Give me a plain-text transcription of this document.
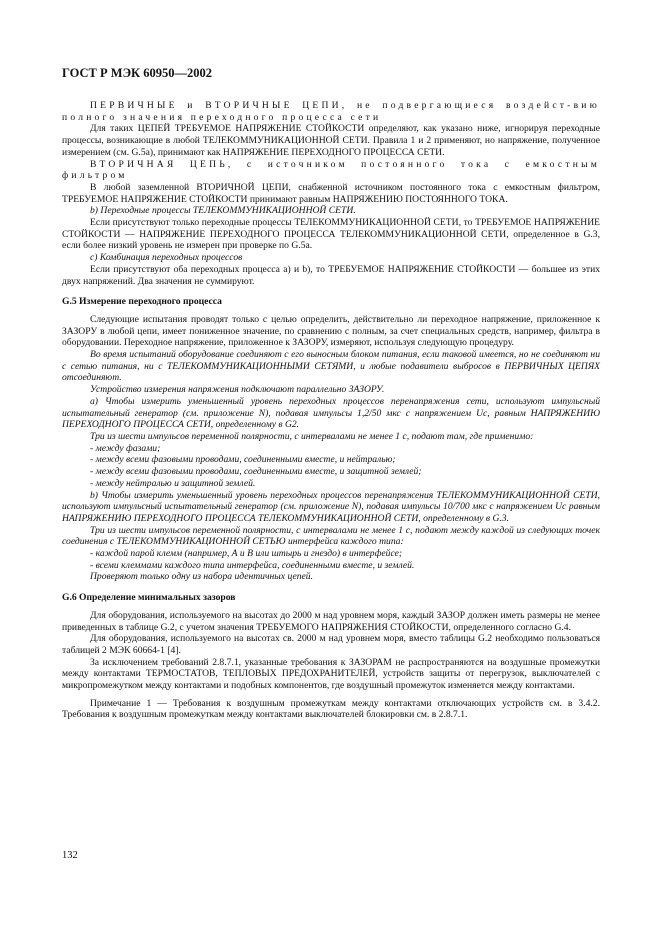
ГОСТ Р МЭК 60950—2002

ПЕРВИЧНЫЕ и ВТОРИЧНЫЕ ЦЕПИ, не подвергающиеся воздейст-вию полного значения переходного процесса сети

Для таких ЦЕПЕЙ ТРЕБУЕМОЕ НАПРЯЖЕНИЕ СТОЙКОСТИ определяют, как указано ниже, игнорируя переходные процессы, возникающие в любой ТЕЛЕКОММУНИКАЦИОННОЙ СЕТИ. Правила 1 и 2 применяют, но напряжение, полученное измерением (см. G.5а), принимают как НАПРЯЖЕНИЕ ПЕРЕХОДНОГО ПРОЦЕССА СЕТИ.

ВТОРИЧНАЯ ЦЕПЬ, с источником постоянного тока с емкостным фильтром

В любой заземленной ВТОРИЧНОЙ ЦЕПИ, снабженной источником постоянного тока с емкостным фильтром, ТРЕБУЕМОЕ НАПРЯЖЕНИЕ СТОЙКОСТИ принимают равным НАПРЯЖЕНИЮ ПОСТОЯННОГО ТОКА.

b) Переходные процессы ТЕЛЕКОММУНИКАЦИОННОЙ СЕТИ.

Если присутствуют только переходные процессы ТЕЛЕКОММУНИКАЦИОННОЙ СЕТИ, то ТРЕБУЕМОЕ НАПРЯЖЕНИЕ СТОЙКОСТИ — НАПРЯЖЕНИЕ ПЕРЕХОДНОГО ПРОЦЕССА ТЕЛЕКОММУНИКАЦИОННОЙ СЕТИ, определенное в G.3, если более низкий уровень не измерен при проверке по G.5а.

с) Комбинация переходных процессов

Если присутствуют оба переходных процесса а) и b), то ТРЕБУЕМОЕ НАПРЯЖЕНИЕ СТОЙКОСТИ — большее из этих двух напряжений. Два значения не суммируют.

G.5 Измерение переходного процесса

Следующие испытания проводят только с целью определить, действительно ли переходное напряжение, приложенное к ЗАЗОРУ в любой цепи, имеет пониженное значение, по сравнению с полным, за счет специальных средств, например, фильтра в оборудовании. Переходное напряжение, приложенное к ЗАЗОРУ, измеряют, используя следующую процедуру.

Во время испытаний оборудование соединяют с его выносным блоком питания, если таковой имеется, но не соединяют ни с сетью питания, ни с ТЕЛЕКОММУНИКАЦИОННЫМИ СЕТЯМИ, и любые подавители выбросов в ПЕРВИЧНЫХ ЦЕПЯХ отсоединяют.

Устройство измерения напряжения подключают параллельно ЗАЗОРУ.

а) Чтобы измерить уменьшенный уровень переходных процессов перенапряжения сети, используют импульсный испытательный генератор (см. приложение N), подавая импульсы 1,2/50 мкс с напряжением Uc, равным НАПРЯЖЕНИЮ ПЕРЕХОДНОГО ПРОЦЕССА СЕТИ, определенному в G2.

Три из шести импульсов переменной полярности, с интервалами не менее 1 с, подают там, где применимо:

- между фазами;

- между всеми фазовыми проводами, соединенными вместе, и нейтралью;

- между всеми фазовыми проводами, соединенными вместе, и защитной землей;

- между нейтралью и защитной землей.

b) Чтобы измерить уменьшенный уровень переходных процессов перенапряжения ТЕЛЕКОММУНИКАЦИОННОЙ СЕТИ, используют импульсный испытательный генератор (см. приложение N), подавая импульсы 10/700 мкс с напряжением Uc равным НАПРЯЖЕНИЮ ПЕРЕХОДНОГО ПРОЦЕССА ТЕЛЕКОММУНИКАЦИОННОЙ СЕТИ, определенному в G.3.

Три из шести импульсов переменной полярности, с интервалами не менее 1 с, подают между каждой из следующих точек соединения с ТЕЛЕКОММУНИКАЦИОННОЙ СЕТЬЮ интерфейса каждого типа:

- каждой парой клемм (например, А и В или штырь и гнездо) в интерфейсе;

- всеми клеммами каждого типа интерфейса, соединенными вместе, и землей.

Проверяют только одну из набора идентичных цепей.

G.6 Определение минимальных зазоров

Для оборудования, используемого на высотах до 2000 м над уровнем моря, каждый ЗАЗОР должен иметь размеры не менее приведенных в таблице G.2, с учетом значения ТРЕБУЕМОГО НАПРЯЖЕНИЯ СТОЙКОСТИ, определенного согласно G.4.

Для оборудования, используемого на высотах св. 2000 м над уровнем моря, вместо таблицы G.2 необходимо пользоваться таблицей 2 МЭК 60664-1 [4].

За исключением требований 2.8.7.1, указанные требования к ЗАЗОРАМ не распространяются на воздушные промежутки между контактами ТЕРМОСТАТОВ, ТЕПЛОВЫХ ПРЕДОХРАНИТЕЛЕЙ, устройств защиты от перегрузок, выключателей с микропромежутком между контактами и подобных компонентов, где воздушный промежуток изменяется между контактами.

Примечание 1 — Требования к воздушным промежуткам между контактами отключающих устройств см. в 3.4.2. Требования к воздушным промежуткам между контактами выключателей блокировки см. в 2.8.7.1.

132
